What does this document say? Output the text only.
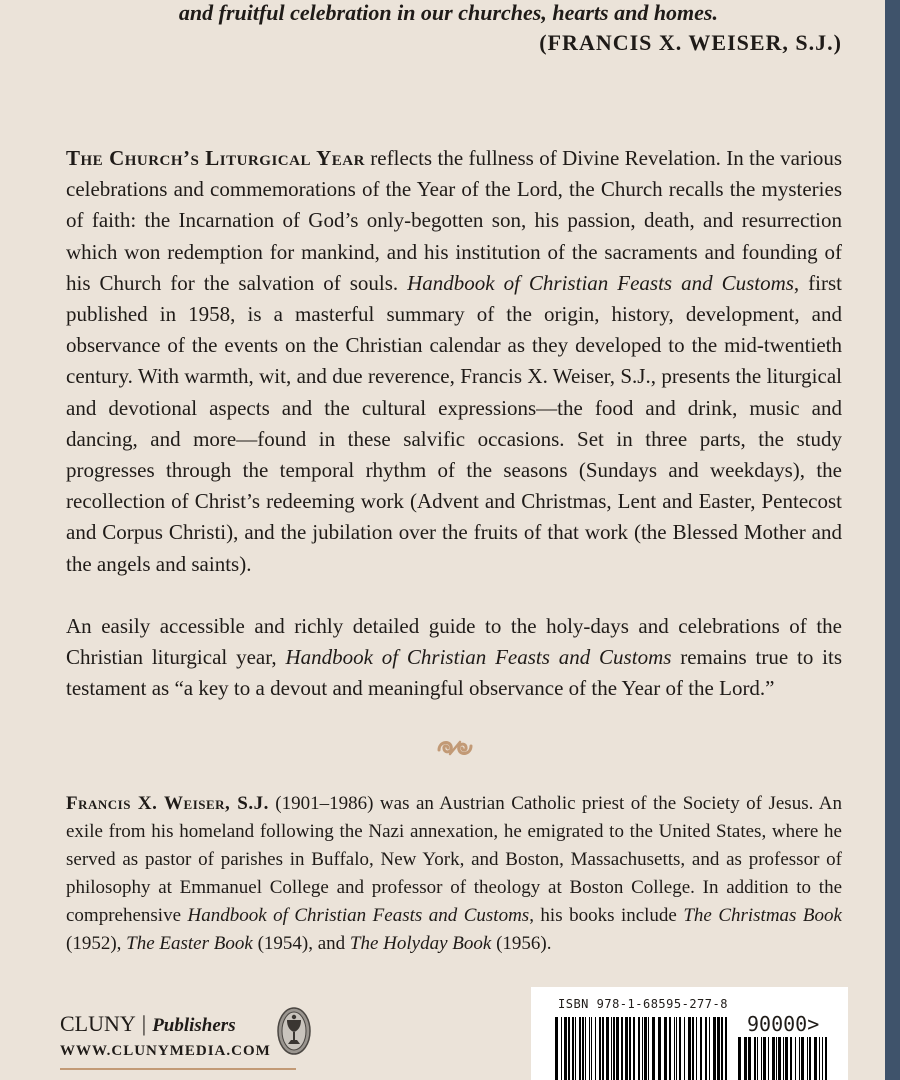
and fruitful celebration in our churches, hearts and homes.
(FRANCIS X. WEISER, S.J.)

The Church’s Liturgical Year reflects the fullness of Divine Revelation. In the various celebrations and commemorations of the Year of the Lord, the Church recalls the mysteries of faith: the Incarnation of God’s only-begotten son, his passion, death, and resurrection which won redemption for mankind, and his institution of the sacraments and founding of his Church for the salvation of souls. Handbook of Christian Feasts and Customs, first published in 1958, is a masterful summary of the origin, history, development, and observance of the events on the Christian calendar as they developed to the mid-twentieth century. With warmth, wit, and due reverence, Francis X. Weiser, S.J., presents the liturgical and devotional aspects and the cultural expressions—the food and drink, music and dancing, and more—found in these salvific occasions. Set in three parts, the study progresses through the temporal rhythm of the seasons (Sundays and weekdays), the recollection of Christ’s redeeming work (Advent and Christmas, Lent and Easter, Pentecost and Corpus Christi), and the jubilation over the fruits of that work (the Blessed Mother and the angels and saints).

An easily accessible and richly detailed guide to the holy-days and celebrations of the Christian liturgical year, Handbook of Christian Feasts and Customs remains true to its testament as “a key to a devout and meaningful observance of the Year of the Lord.”

Francis X. Weiser, S.J. (1901–1986) was an Austrian Catholic priest of the Society of Jesus. An exile from his homeland following the Nazi annexation, he emigrated to the United States, where he served as pastor of parishes in Buffalo, New York, and Boston, Massachusetts, and as professor of philosophy at Emmanuel College and professor of theology at Boston College. In addition to the comprehensive Handbook of Christian Feasts and Customs, his books include The Christmas Book (1952), The Easter Book (1954), and The Holyday Book (1956).

CLUNY | Publishers
WWW.CLUNYMEDIA.COM
ISBN 978-1-68595-277-8
90000>
